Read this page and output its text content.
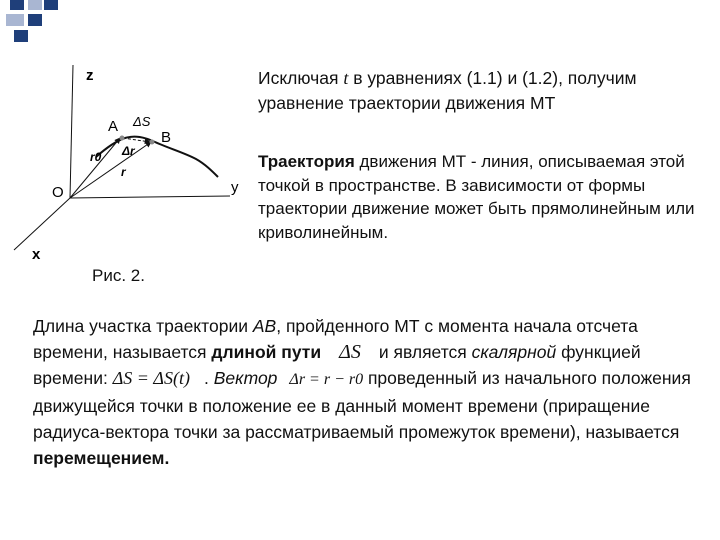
Исключая t в уравнениях (1.1) и (1.2), получим уравнение траектории движения МТ
Траектория движения МТ - линия, описываемая этой точкой в пространстве. В зависимости от формы траектории движение может быть прямолинейным или криволинейным.
z
y
x
O
A
B
ΔS
r0 Δr
r
Рис. 2.
Длина участка траектории AB, пройденного МТ с момента начала отсчета времени, называется длиной пути ΔS и является скалярной функцией времени: ΔS = ΔS(t) . Вектор Δr = r − r0 проведенный из начального положения движущейся точки в положение ее в данный момент времени (приращение радиуса-вектора точки за рассматриваемый промежуток времени), называется перемещением.
